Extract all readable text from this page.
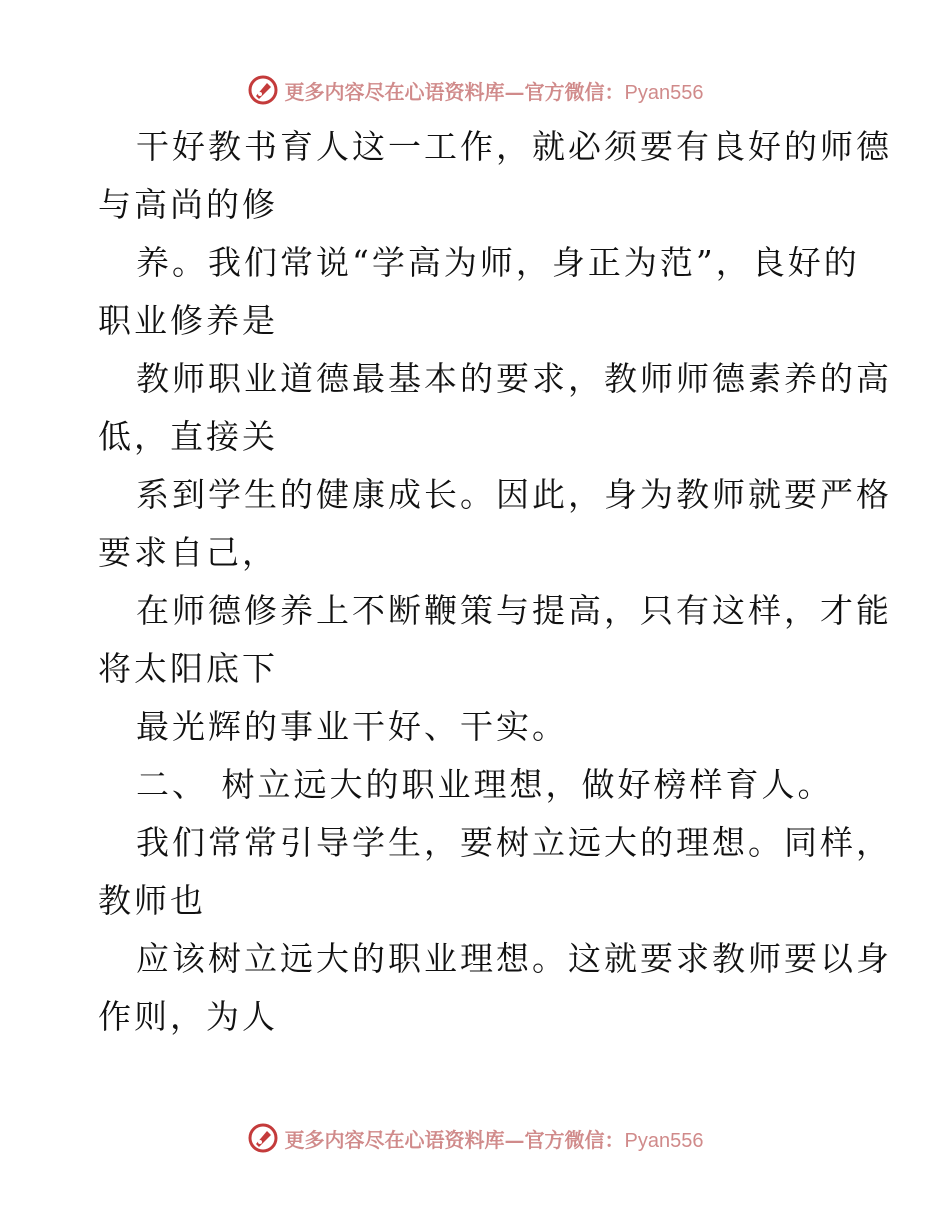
更多内容尽在心语资料库—官方微信：Pyan556
干好教书育人这一工作，就必须要有良好的师德
与高尚的修
养。我们常说“学高为师，身正为范”，良好的
职业修养是
教师职业道德最基本的要求，教师师德素养的高
低，直接关
系到学生的健康成长。因此，身为教师就要严格
要求自己，
在师德修养上不断鞭策与提高，只有这样，才能
将太阳底下
最光辉的事业干好、干实。
二、 树立远大的职业理想，做好榜样育人。
我们常常引导学生，要树立远大的理想。同样，
教师也
应该树立远大的职业理想。这就要求教师要以身
作则，为人
更多内容尽在心语资料库—官方微信：Pyan556
